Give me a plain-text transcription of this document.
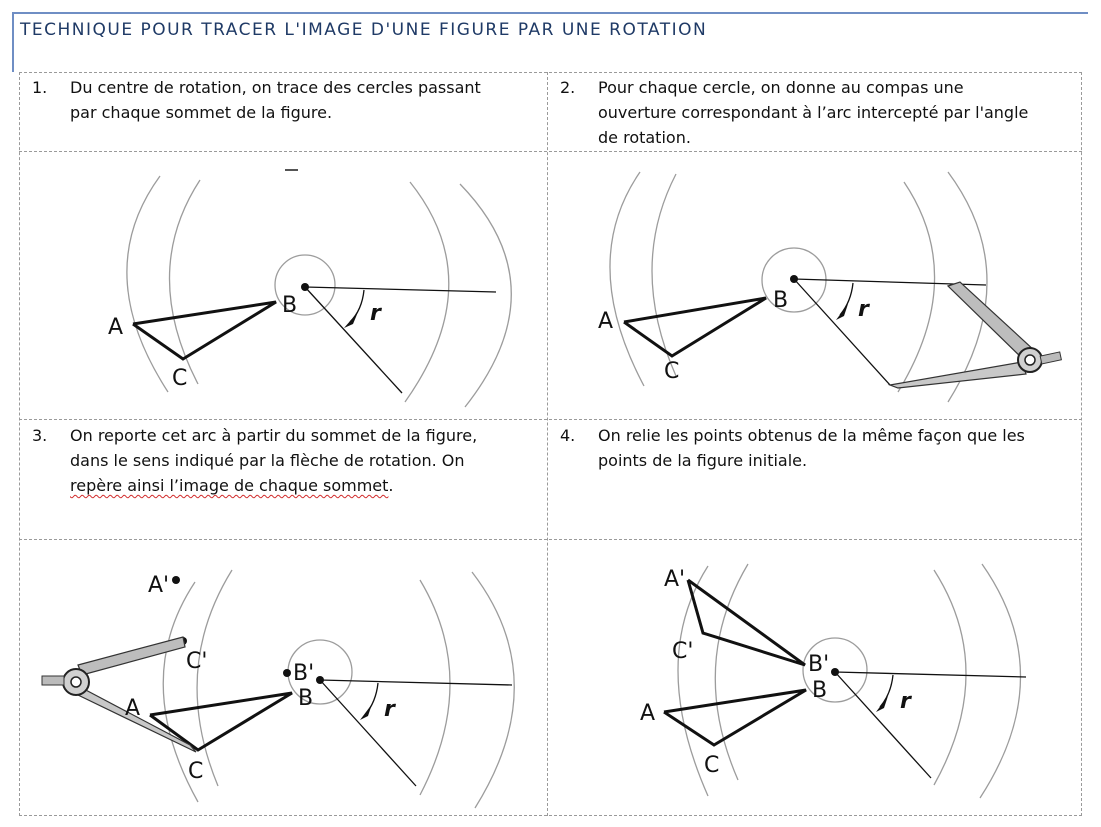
TECHNIQUE POUR TRACER L'IMAGE D'UNE FIGURE PAR UNE ROTATION
1. Du centre de rotation, on trace des cercles passant
par chaque sommet de la figure.
2. Pour chaque cercle, on donne au compas une
ouverture correspondant à l’arc intercepté par l'angle
de rotation.
3. On reporte cet arc à partir du sommet de la figure,
dans le sens indiqué par la flèche de rotation. On
repère ainsi l’image de chaque sommet.
4. On relie les points obtenus de la même façon que les
points de la figure initiale.
A
B
C
r	A
B
C
r
A'
C'	B'
A	B
C
r
A'
C'
B'
B
A
C
r
